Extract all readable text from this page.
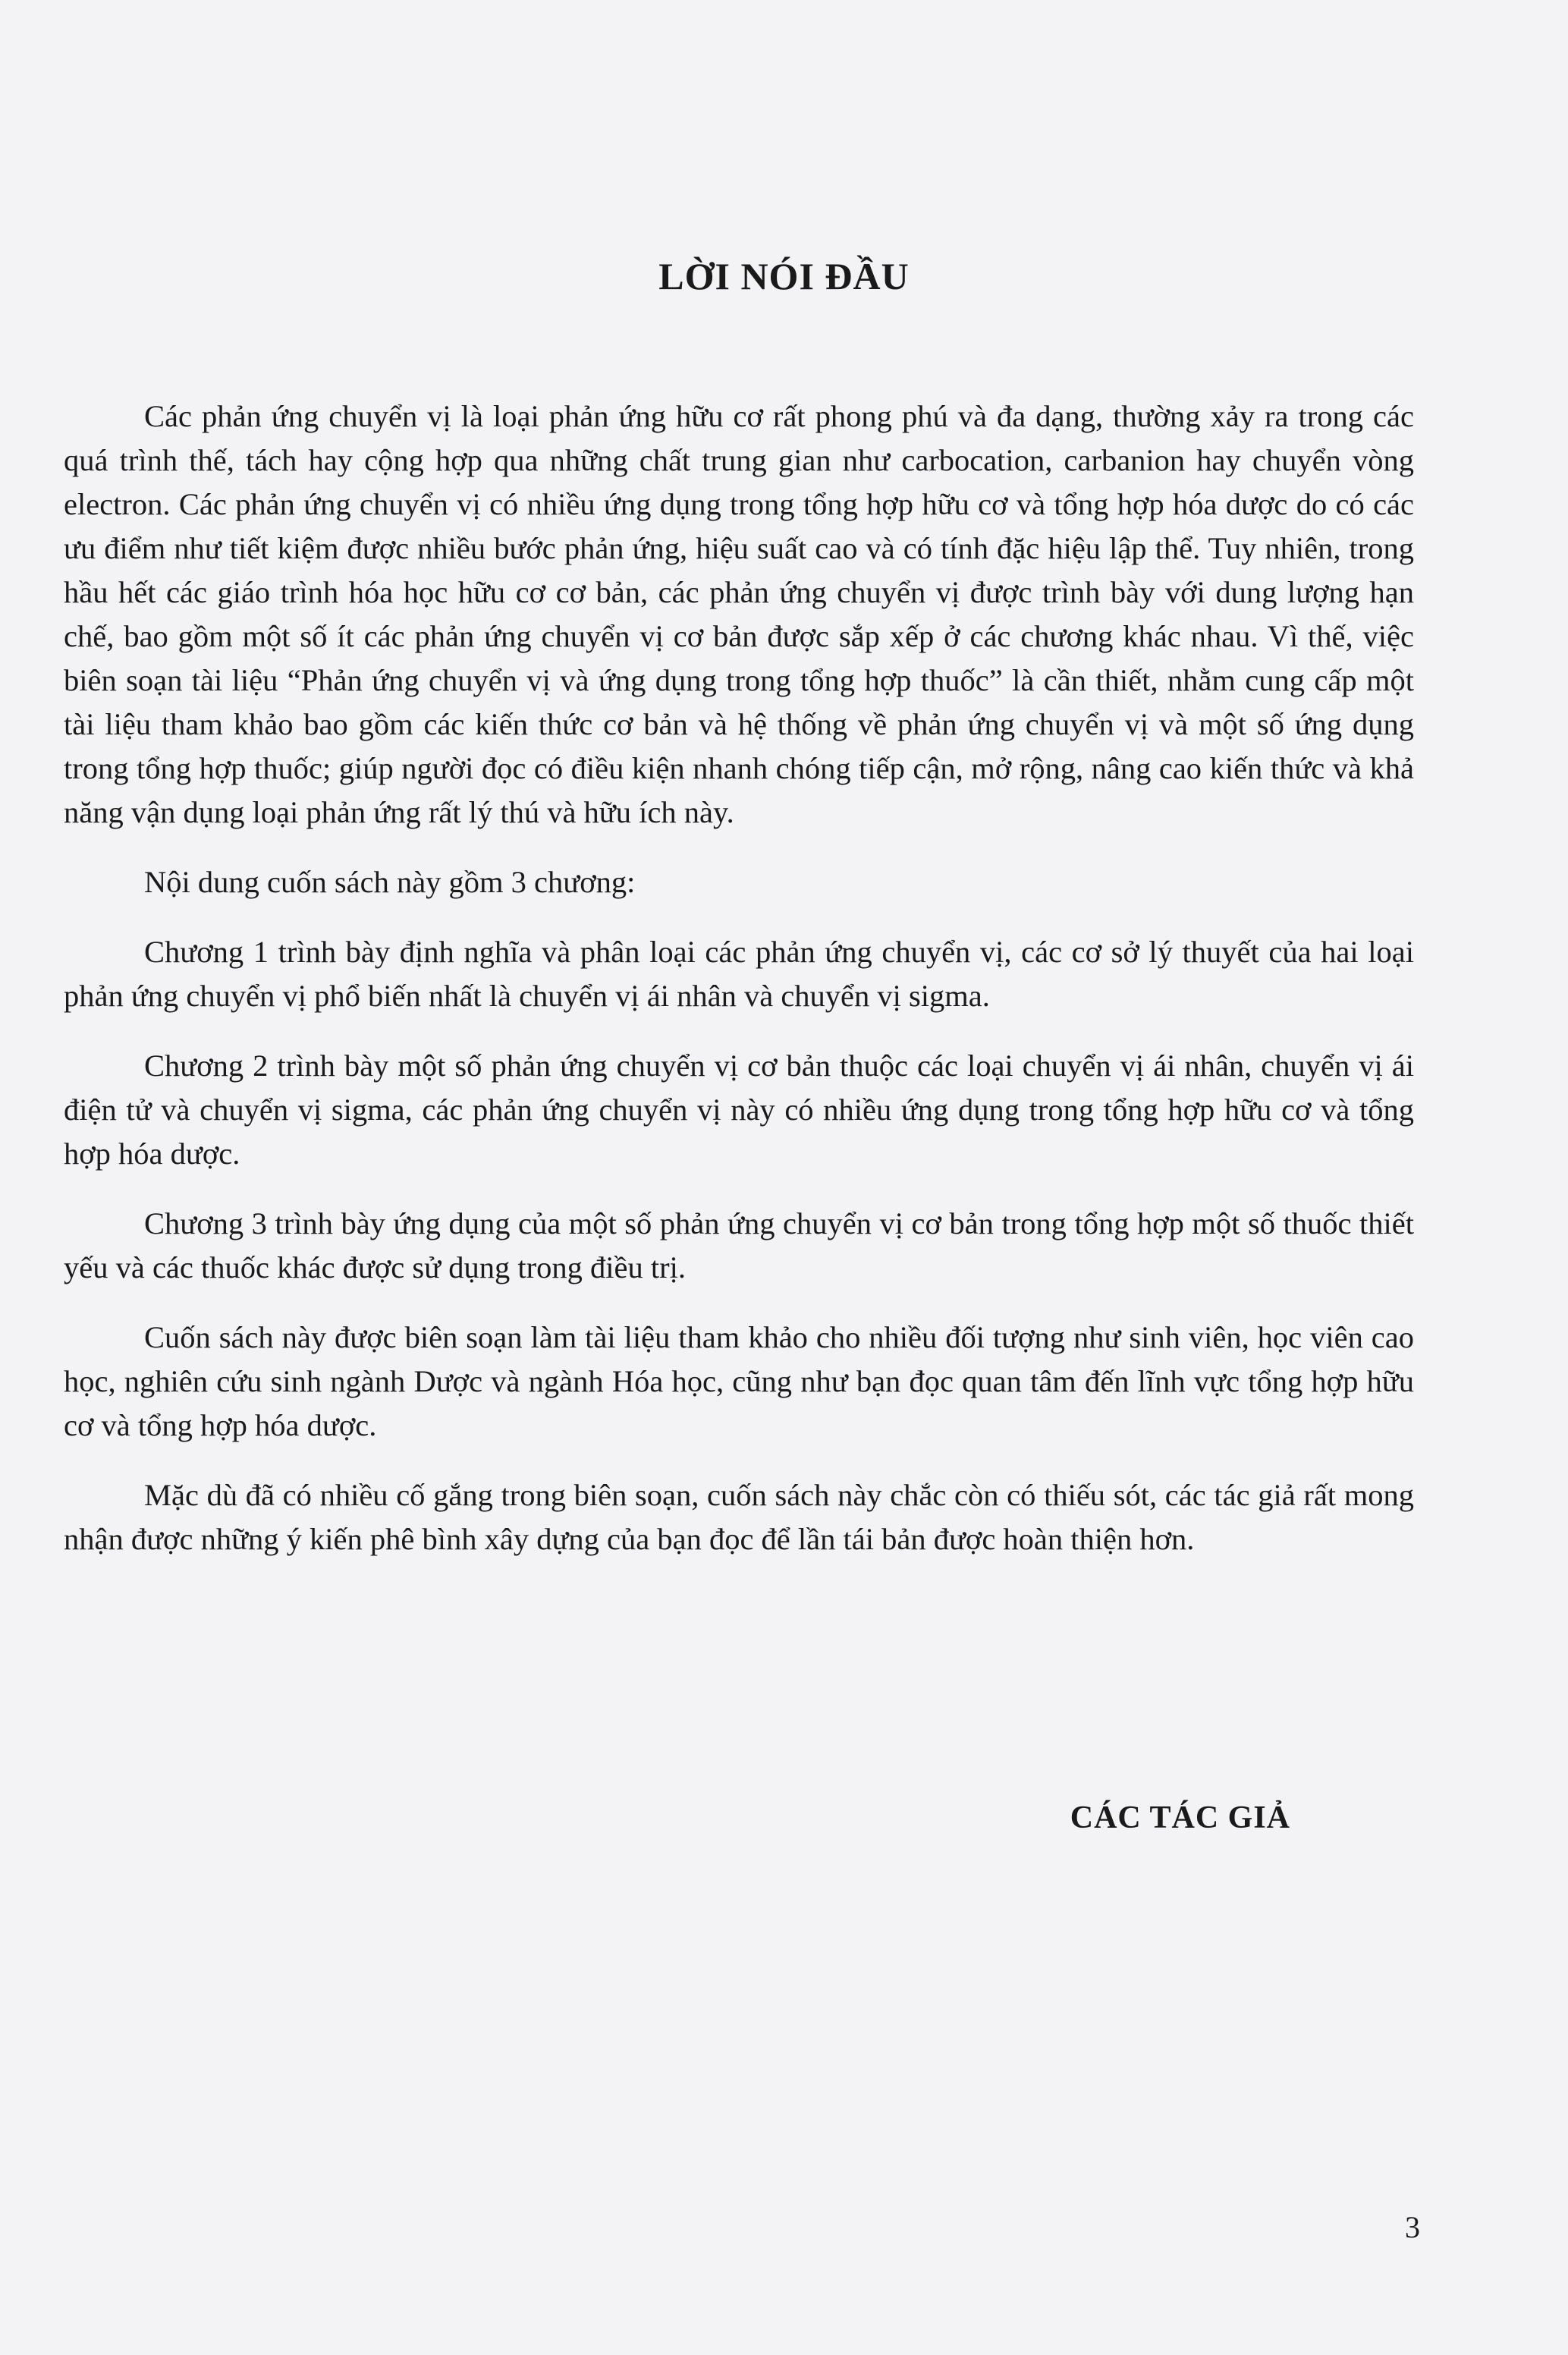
LỜI NÓI ĐẦU

Các phản ứng chuyển vị là loại phản ứng hữu cơ rất phong phú và đa dạng, thường xảy ra trong các quá trình thế, tách hay cộng hợp qua những chất trung gian như carbocation, carbanion hay chuyển vòng electron. Các phản ứng chuyển vị có nhiều ứng dụng trong tổng hợp hữu cơ và tổng hợp hóa dược do có các ưu điểm như tiết kiệm được nhiều bước phản ứng, hiệu suất cao và có tính đặc hiệu lập thể. Tuy nhiên, trong hầu hết các giáo trình hóa học hữu cơ cơ bản, các phản ứng chuyển vị được trình bày với dung lượng hạn chế, bao gồm một số ít các phản ứng chuyển vị cơ bản được sắp xếp ở các chương khác nhau. Vì thế, việc biên soạn tài liệu “Phản ứng chuyển vị và ứng dụng trong tổng hợp thuốc” là cần thiết, nhằm cung cấp một tài liệu tham khảo bao gồm các kiến thức cơ bản và hệ thống về phản ứng chuyển vị và một số ứng dụng trong tổng hợp thuốc; giúp người đọc có điều kiện nhanh chóng tiếp cận, mở rộng, nâng cao kiến thức và khả năng vận dụng loại phản ứng rất lý thú và hữu ích này.

Nội dung cuốn sách này gồm 3 chương:

Chương 1 trình bày định nghĩa và phân loại các phản ứng chuyển vị, các cơ sở lý thuyết của hai loại phản ứng chuyển vị phổ biến nhất là chuyển vị ái nhân và chuyển vị sigma.

Chương 2 trình bày một số phản ứng chuyển vị cơ bản thuộc các loại chuyển vị ái nhân, chuyển vị ái điện tử và chuyển vị sigma, các phản ứng chuyển vị này có nhiều ứng dụng trong tổng hợp hữu cơ và tổng hợp hóa dược.

Chương 3 trình bày ứng dụng của một số phản ứng chuyển vị cơ bản trong tổng hợp một số thuốc thiết yếu và các thuốc khác được sử dụng trong điều trị.

Cuốn sách này được biên soạn làm tài liệu tham khảo cho nhiều đối tượng như sinh viên, học viên cao học, nghiên cứu sinh ngành Dược và ngành Hóa học, cũng như bạn đọc quan tâm đến lĩnh vực tổng hợp hữu cơ và tổng hợp hóa dược.

Mặc dù đã có nhiều cố gắng trong biên soạn, cuốn sách này chắc còn có thiếu sót, các tác giả rất mong nhận được những ý kiến phê bình xây dựng của bạn đọc để lần tái bản được hoàn thiện hơn.

CÁC TÁC GIẢ
3
